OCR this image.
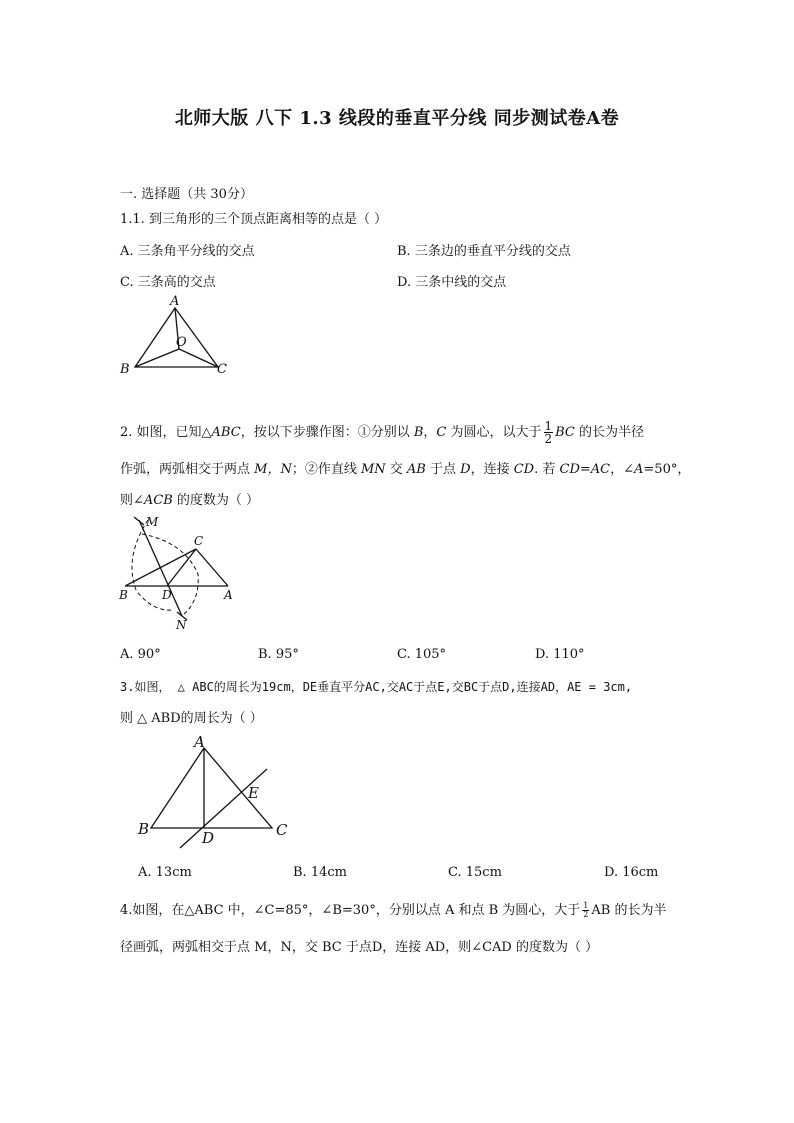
北师大版 八下 1.3 线段的垂直平分线 同步测试卷A卷
一. 选择题（共 30分）
1.1. 到三角形的三个顶点距离相等的点是（ ）
A. 三条角平分线的交点	B. 三条边的垂直平分线的交点
C. 三条高的交点	D. 三条中线的交点
A
O
B	C
2. 如图，已知△ABC，按以下步骤作图：①分别以 B，C 为圆心，以大于 $\frac{1}{2}$ BC 的长为半径
作弧，两弧相交于两点 M，N；②作直线 MN 交 AB 于点 D，连接 CD. 若 CD=AC，∠A=50°，
则∠ACB 的度数为（ ）
M
C
B	D	A
N
A. 90°	B. 95°	C. 105°	D. 110°
3.如图， △ ABC的周长为19cm，DE垂直平分AC,交AC于点E,交BC于点D,连接AD，AE = 3cm,
则 △ ABD的周长为（ ）
A
E
B	D	C
A. 13cm	B. 14cm	C. 15cm	D. 16cm
4.如图，在△ABC 中，∠C=85°，∠B=30°，分别以点 A 和点 B 为圆心，大于 $\frac{1}{2}$ AB 的长为半
径画弧，两弧相交于点 M，N，交 BC 于点D，连接 AD，则∠CAD 的度数为（ ）
